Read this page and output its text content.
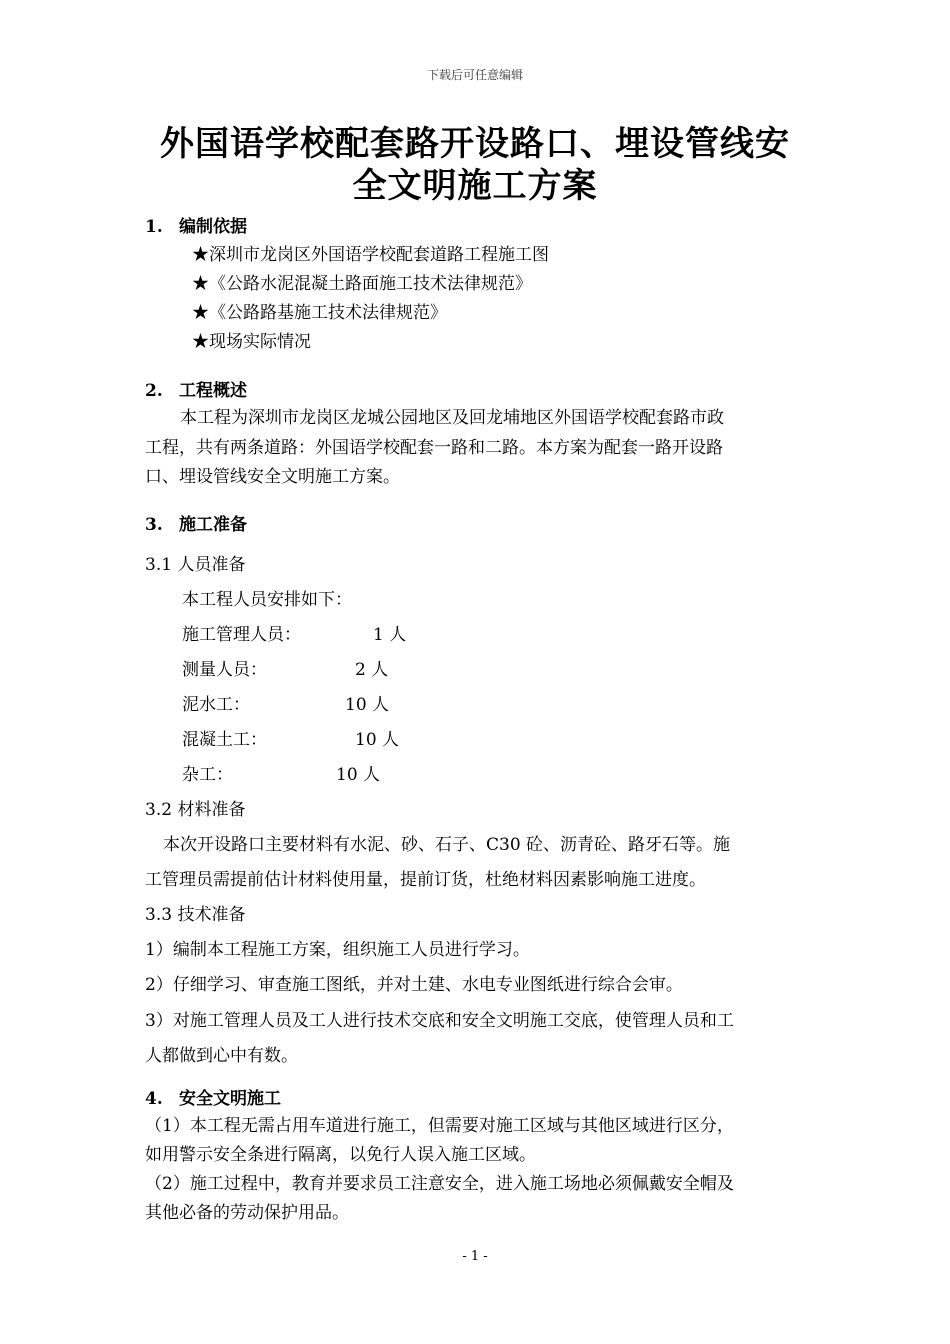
下载后可任意编辑
外国语学校配套路开设路口、埋设管线安
全文明施工方案
1. 编制依据
★深圳市龙岗区外国语学校配套道路工程施工图
★《公路水泥混凝土路面施工技术法律规范》
★《公路路基施工技术法律规范》
★现场实际情况
2. 工程概述
本工程为深圳市龙岗区龙城公园地区及回龙埔地区外国语学校配套路市政
工程，共有两条道路：外国语学校配套一路和二路。本方案为配套一路开设路
口、埋设管线安全文明施工方案。
3. 施工准备
3.1 人员准备
本工程人员安排如下：
施工管理人员：	1 人
测量人员：	2 人
泥水工：	10 人
混凝土工：	10 人
杂工：	10 人
3.2 材料准备
本次开设路口主要材料有水泥、砂、石子、C30 砼、沥青砼、路牙石等。施
工管理员需提前估计材料使用量，提前订货，杜绝材料因素影响施工进度。
3.3 技术准备
1）编制本工程施工方案，组织施工人员进行学习。
2）仔细学习、审查施工图纸，并对土建、水电专业图纸进行综合会审。
3）对施工管理人员及工人进行技术交底和安全文明施工交底，使管理人员和工
人都做到心中有数。
4. 安全文明施工
（1）本工程无需占用车道进行施工，但需要对施工区域与其他区域进行区分，
如用警示安全条进行隔离，以免行人误入施工区域。
（2）施工过程中，教育并要求员工注意安全，进入施工场地必须佩戴安全帽及
其他必备的劳动保护用品。
- 1 -
